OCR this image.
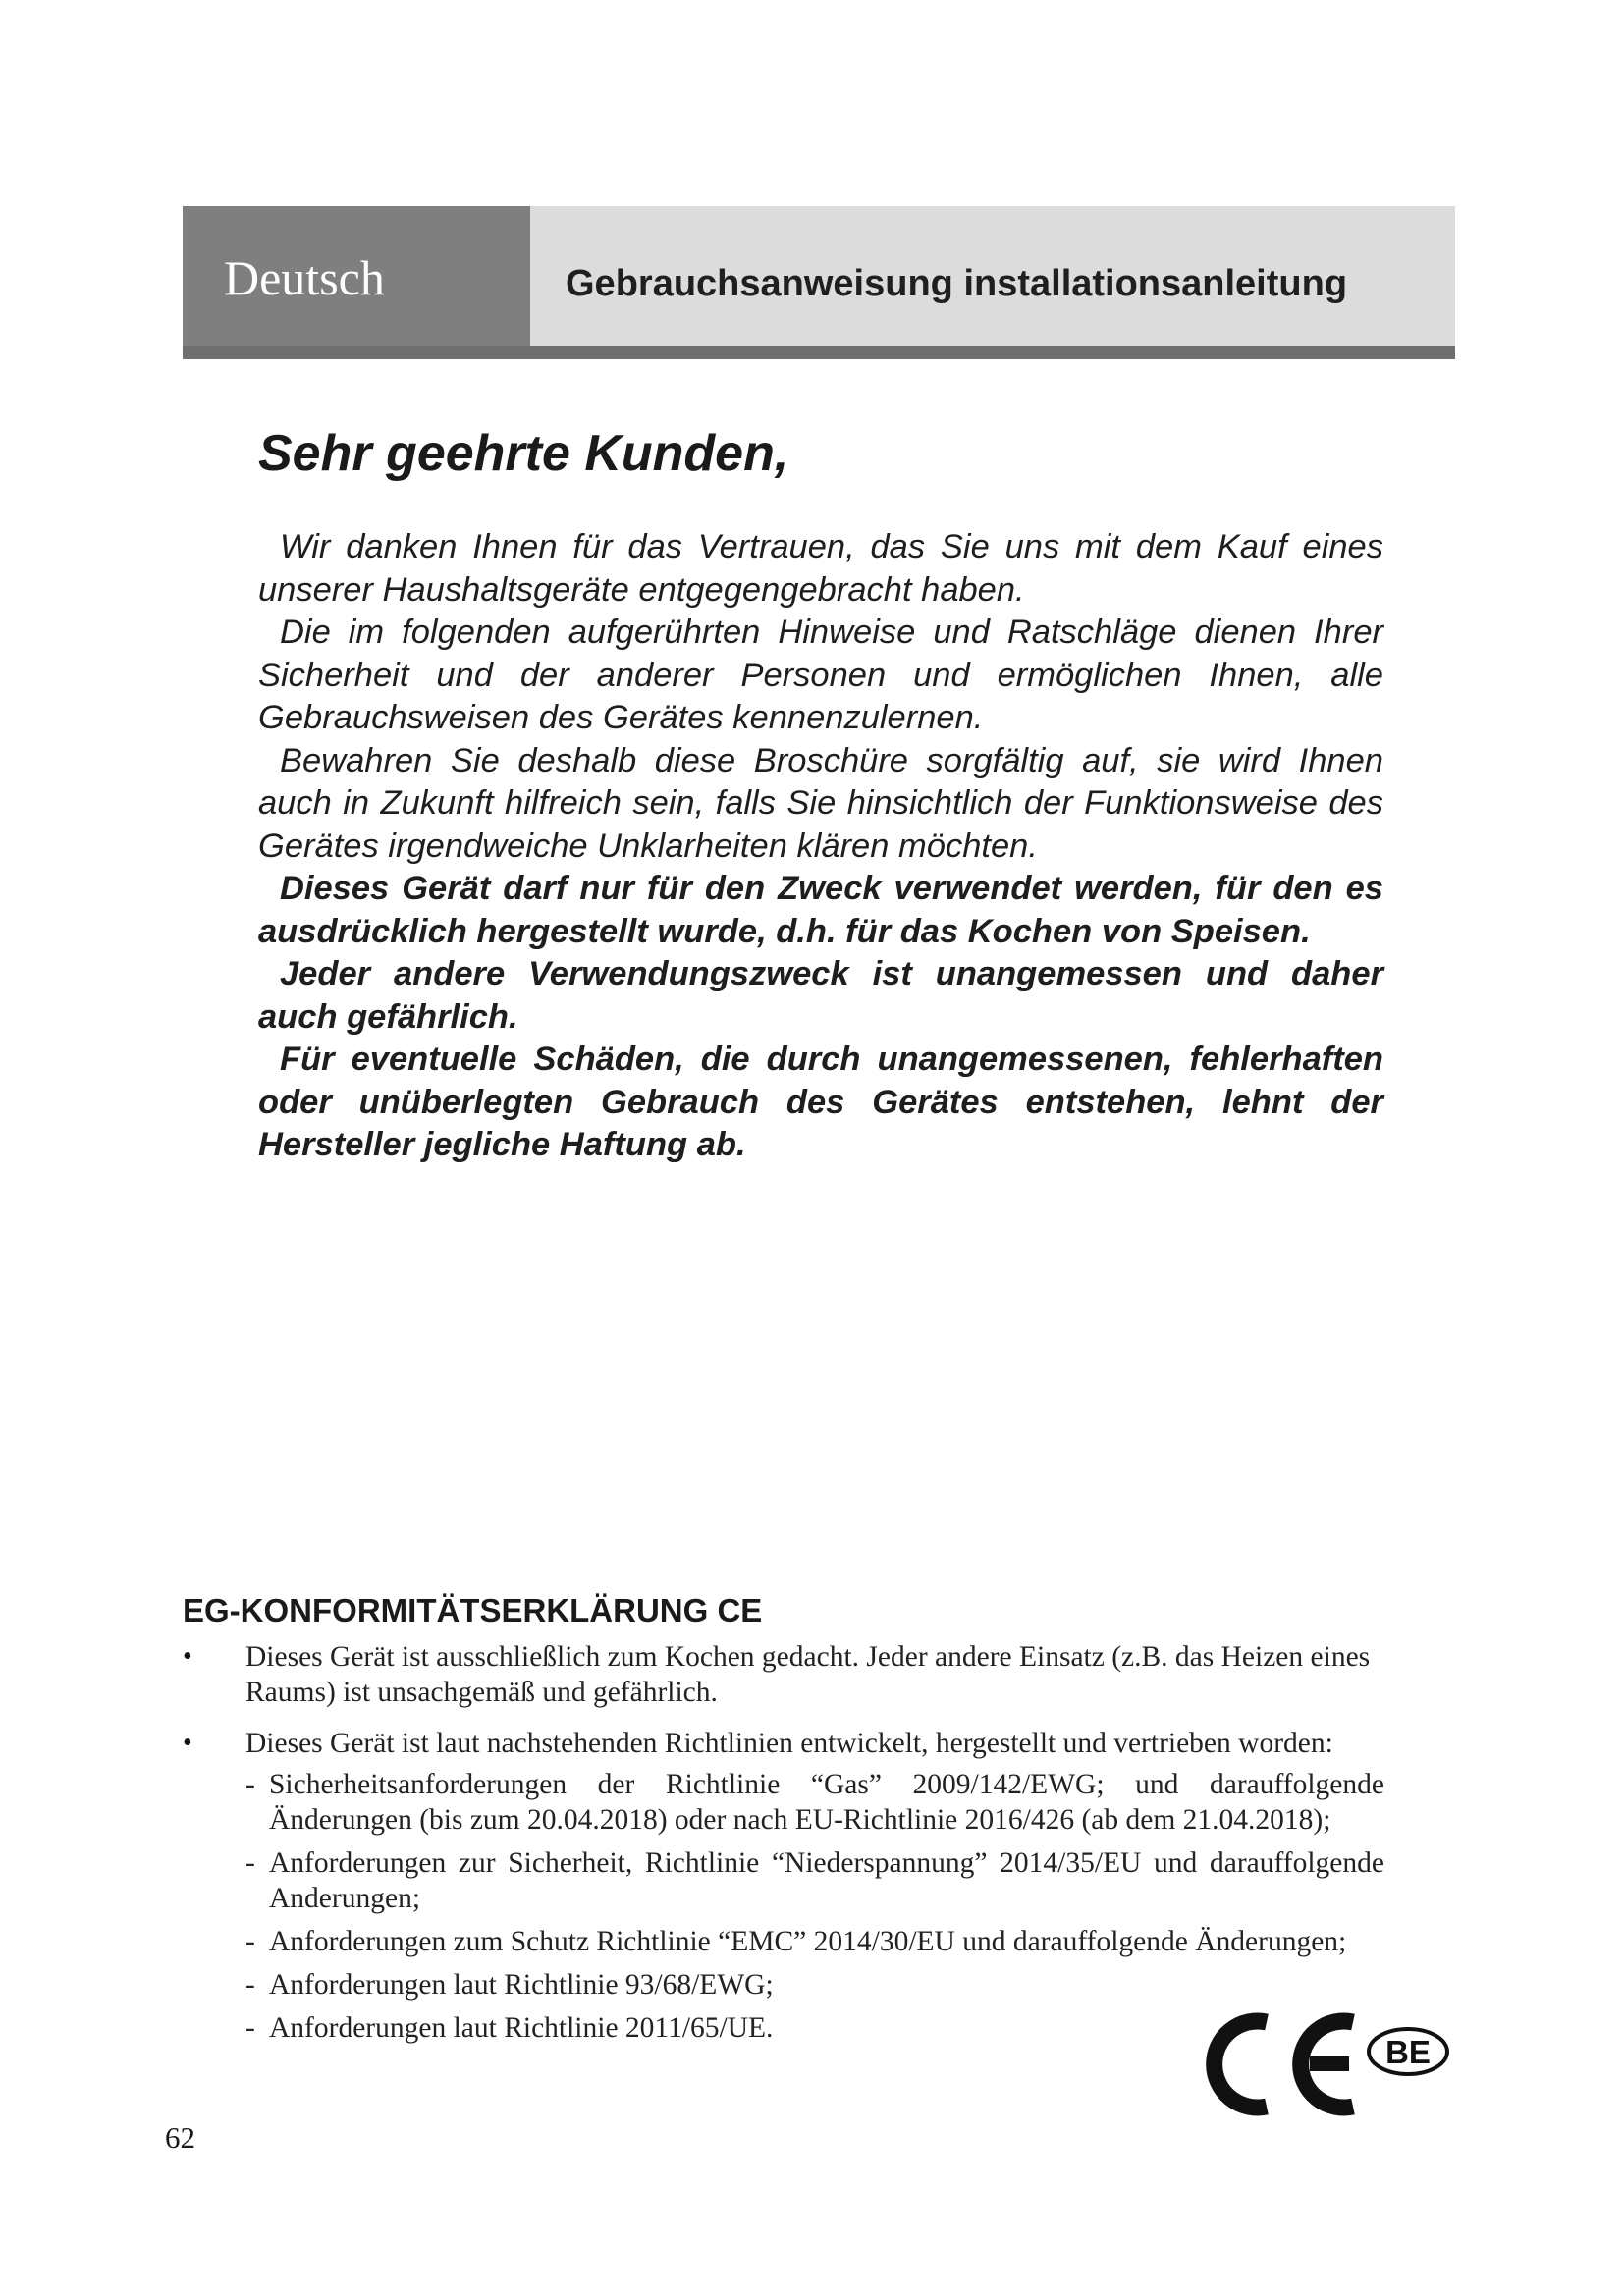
Deutsch	Gebrauchsanweisung installationsanleitung
Sehr geehrte Kunden,

Wir danken Ihnen für das Vertrauen, das Sie uns mit dem Kauf eines unserer Haushaltsgeräte entgegengebracht haben.

Die im folgenden aufgerührten Hinweise und Ratschläge dienen Ihrer Sicherheit und der anderer Personen und ermöglichen Ihnen, alle Gebrauchsweisen des Gerätes kennenzulernen.

Bewahren Sie deshalb diese Broschüre sorgfältig auf, sie wird Ihnen auch in Zukunft hilfreich sein, falls Sie hinsichtlich der Funktionsweise des Gerätes irgendweiche Unklarheiten klären möchten.

Dieses Gerät darf nur für den Zweck verwendet werden, für den es ausdrücklich hergestellt wurde, d.h. für das Kochen von Speisen.

Jeder andere Verwendungszweck ist unangemessen und daher auch gefährlich.

Für eventuelle Schäden, die durch unangemessenen, fehlerhaften oder unüberlegten Gebrauch des Gerätes entstehen, lehnt der Hersteller jegliche Haftung ab.

EG-KONFORMITÄTSERKLÄRUNG CE
• Dieses Gerät ist ausschließlich zum Kochen gedacht. Jeder andere Einsatz (z.B. das Heizen eines Raums) ist unsachgemäß und gefährlich.
• Dieses Gerät ist laut nachstehenden Richtlinien entwickelt, hergestellt und vertrieben worden:
- Sicherheitsanforderungen der Richtlinie “Gas” 2009/142/EWG; und darauffolgende Änderungen (bis zum 20.04.2018) oder nach EU-Richtlinie 2016/426 (ab dem 21.04.2018);
- Anforderungen zur Sicherheit, Richtlinie “Niederspannung” 2014/35/EU und darauffolgende Anderungen;
- Anforderungen zum Schutz Richtlinie “EMC” 2014/30/EU und darauffolgende Änderungen;
- Anforderungen laut Richtlinie 93/68/EWG;
- Anforderungen laut Richtlinie 2011/65/UE.
BE
62
